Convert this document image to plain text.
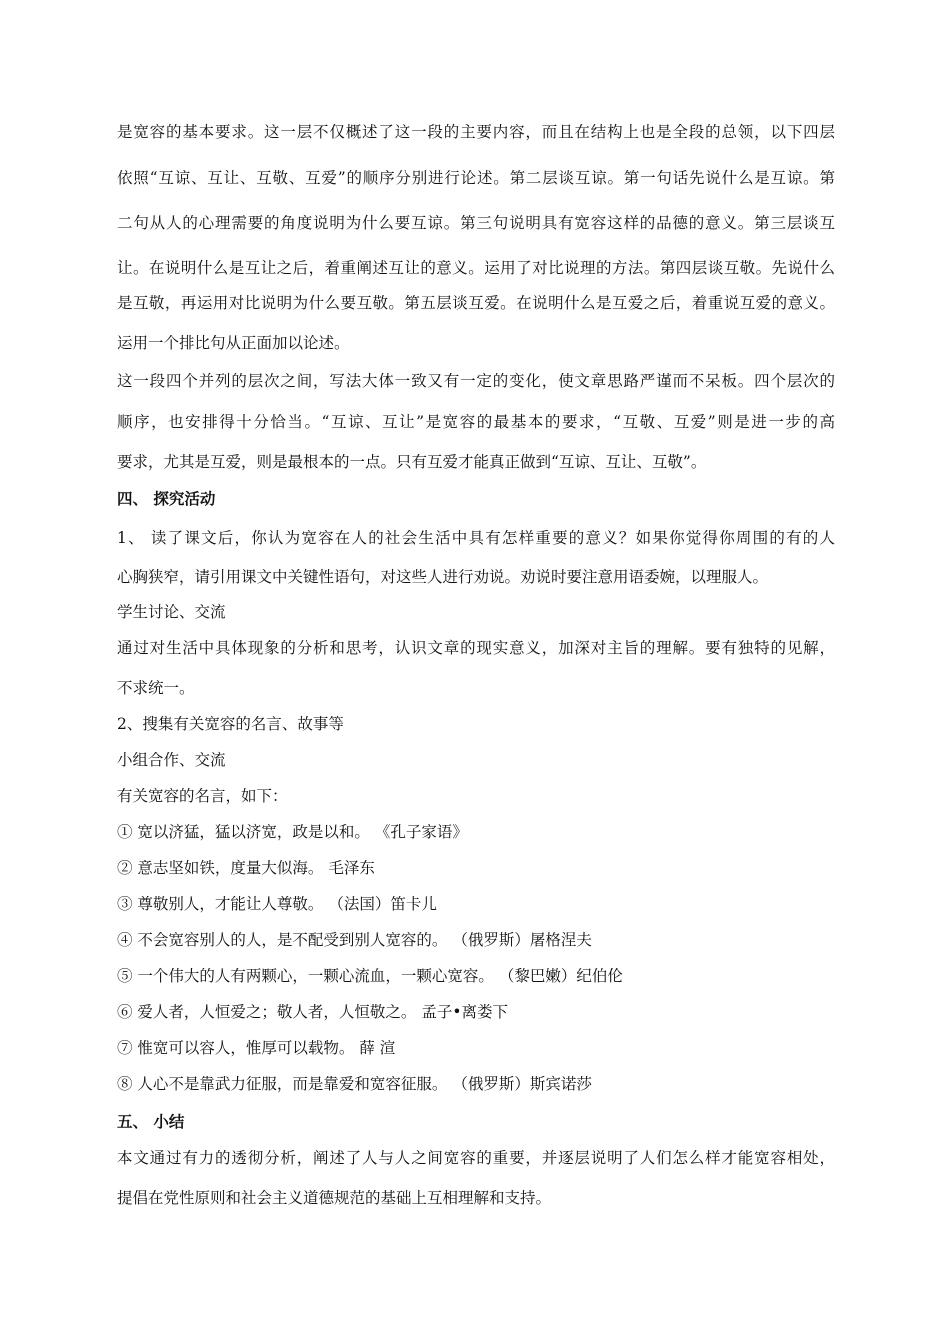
是宽容的基本要求。这一层不仅概述了这一段的主要内容，而且在结构上也是全段的总领，以下四层
依照“互谅、互让、互敬、互爱”的顺序分别进行论述。第二层谈互谅。第一句话先说什么是互谅。第
二句从人的心理需要的角度说明为什么要互谅。第三句说明具有宽容这样的品德的意义。第三层谈互
让。在说明什么是互让之后，着重阐述互让的意义。运用了对比说理的方法。第四层谈互敬。先说什么
是互敬，再运用对比说明为什么要互敬。第五层谈互爱。在说明什么是互爱之后，着重说互爱的意义。
运用一个排比句从正面加以论述。
这一段四个并列的层次之间，写法大体一致又有一定的变化，使文章思路严谨而不呆板。四个层次的
顺序，也安排得十分恰当。“互谅、互让”是宽容的最基本的要求，“互敬、互爱”则是进一步的高
要求，尤其是互爱，则是最根本的一点。只有互爱才能真正做到“互谅、互让、互敬”。
四、 探究活动
1、 读了课文后，你认为宽容在人的社会生活中具有怎样重要的意义？如果你觉得你周围的有的人
心胸狭窄，请引用课文中关键性语句，对这些人进行劝说。劝说时要注意用语委婉，以理服人。
学生讨论、交流
通过对生活中具体现象的分析和思考，认识文章的现实意义，加深对主旨的理解。要有独特的见解，
不求统一。
2、搜集有关宽容的名言、故事等
小组合作、交流
有关宽容的名言，如下：
① 宽以济猛，猛以济宽，政是以和。 《孔子家语》
② 意志坚如铁，度量大似海。 毛泽东
③ 尊敬别人，才能让人尊敬。 （法国）笛卡儿
④ 不会宽容别人的人，是不配受到别人宽容的。 （俄罗斯）屠格涅夫
⑤ 一个伟大的人有两颗心，一颗心流血，一颗心宽容。 （黎巴嫩）纪伯伦
⑥ 爱人者，人恒爱之；敬人者，人恒敬之。 孟子•离娄下
⑦ 惟宽可以容人，惟厚可以载物。 薛 渲
⑧ 人心不是靠武力征服，而是靠爱和宽容征服。 （俄罗斯）斯宾诺莎
五、 小结
本文通过有力的透彻分析，阐述了人与人之间宽容的重要，并逐层说明了人们怎么样才能宽容相处，
提倡在党性原则和社会主义道德规范的基础上互相理解和支持。
